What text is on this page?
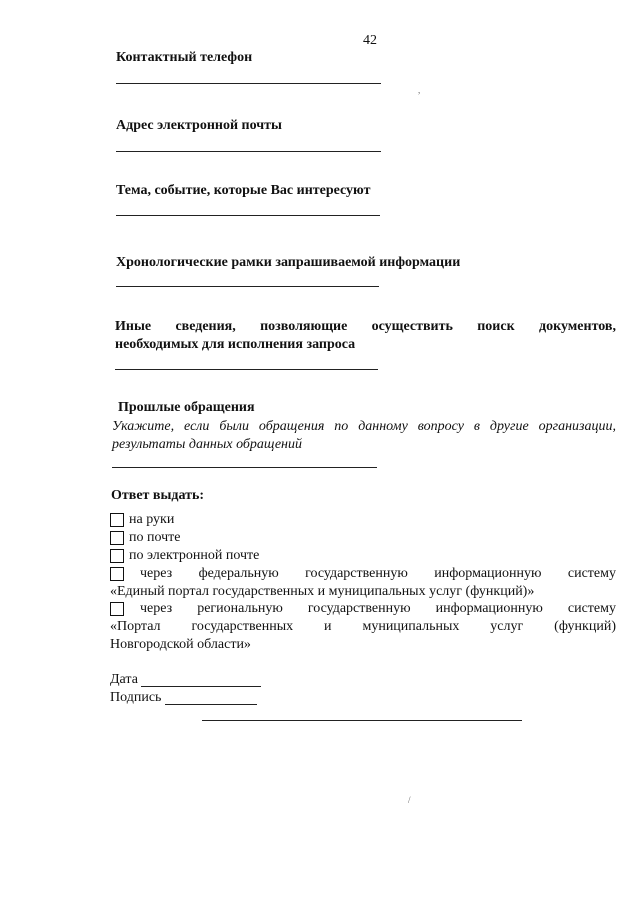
42
Контактный телефон
,
Адрес электронной почты
Тема, событие, которые Вас интересуют
Хронологические рамки запрашиваемой информации
Иные сведения, позволяющие осуществить поиск документов,
необходимых для исполнения запроса
Прошлые обращения
Укажите, если были обращения по данному вопросу в другие организации,
результаты данных обращений
Ответ выдать:
на руки
по почте
по электронной почте
через федеральную государственную информационную систему
«Единый портал государственных и муниципальных услуг (функций)»
через региональную государственную информационную систему
«Портал государственных и муниципальных услуг (функций)
Новгородской области»
Дата
Подпись
/
